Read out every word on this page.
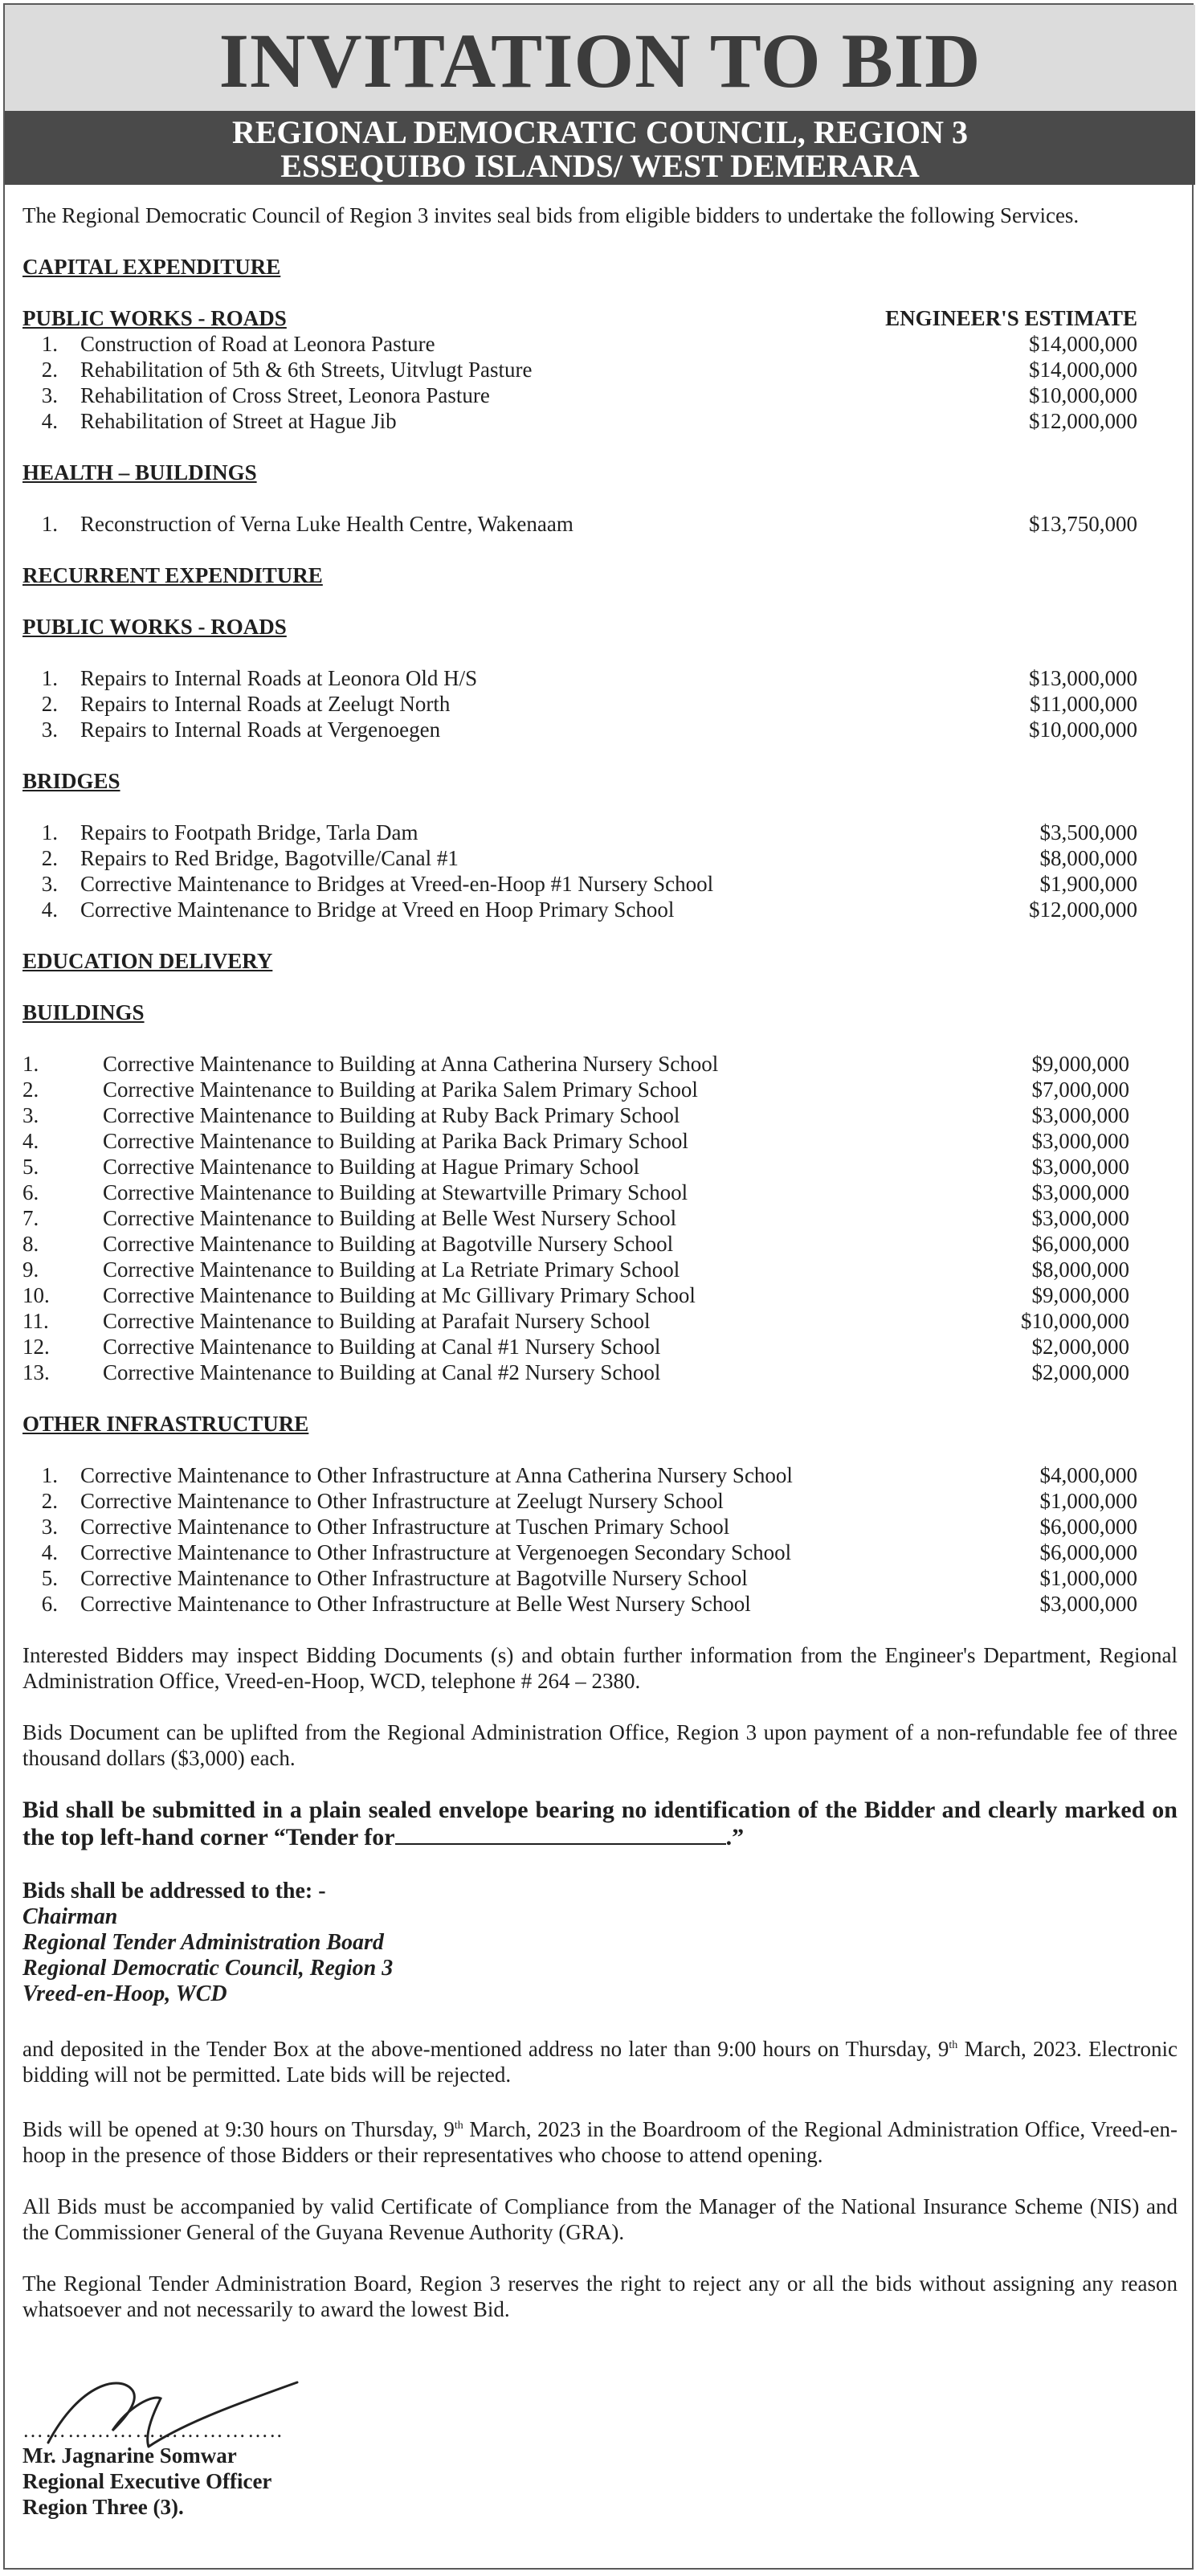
INVITATION TO BID
REGIONAL DEMOCRATIC COUNCIL, REGION 3
ESSEQUIBO ISLANDS/ WEST DEMERARA

The Regional Democratic Council of Region 3 invites seal bids from eligible bidders to undertake the following Services.

CAPITAL EXPENDITURE
PUBLIC WORKS - ROADS	ENGINEER'S ESTIMATE
1.	Construction of Road at Leonora Pasture	$14,000,000
2.	Rehabilitation of 5th & 6th Streets, Uitvlugt Pasture	$14,000,000
3.	Rehabilitation of Cross Street, Leonora Pasture	$10,000,000
4.	Rehabilitation of Street at Hague Jib	$12,000,000
HEALTH – BUILDINGS
1.	Reconstruction of Verna Luke Health Centre, Wakenaam	$13,750,000
RECURRENT EXPENDITURE
PUBLIC WORKS - ROADS
1.	Repairs to Internal Roads at Leonora Old H/S	$13,000,000
2.	Repairs to Internal Roads at Zeelugt North	$11,000,000
3.	Repairs to Internal Roads at Vergenoegen	$10,000,000
BRIDGES
1.	Repairs to Footpath Bridge, Tarla Dam	$3,500,000
2.	Repairs to Red Bridge, Bagotville/Canal #1	$8,000,000
3.	Corrective Maintenance to Bridges at Vreed-en-Hoop #1 Nursery School	$1,900,000
4.	Corrective Maintenance to Bridge at Vreed en Hoop Primary School	$12,000,000
EDUCATION DELIVERY
BUILDINGS
1.	Corrective Maintenance to Building at Anna Catherina Nursery School	$9,000,000
2.	Corrective Maintenance to Building at Parika Salem Primary School	$7,000,000
3.	Corrective Maintenance to Building at Ruby Back Primary School	$3,000,000
4.	Corrective Maintenance to Building at Parika Back Primary School	$3,000,000
5.	Corrective Maintenance to Building at Hague Primary School	$3,000,000
6.	Corrective Maintenance to Building at Stewartville Primary School	$3,000,000
7.	Corrective Maintenance to Building at Belle West Nursery School	$3,000,000
8.	Corrective Maintenance to Building at Bagotville Nursery School	$6,000,000
9.	Corrective Maintenance to Building at La Retriate Primary School	$8,000,000
10.	Corrective Maintenance to Building at Mc Gillivary Primary School	$9,000,000
11.	Corrective Maintenance to Building at Parafait Nursery School	$10,000,000
12.	Corrective Maintenance to Building at Canal #1 Nursery School	$2,000,000
13.	Corrective Maintenance to Building at Canal #2 Nursery School	$2,000,000
OTHER INFRASTRUCTURE
1.	Corrective Maintenance to Other Infrastructure at Anna Catherina Nursery School	$4,000,000
2.	Corrective Maintenance to Other Infrastructure at Zeelugt Nursery School	$1,000,000
3.	Corrective Maintenance to Other Infrastructure at Tuschen Primary School	$6,000,000
4.	Corrective Maintenance to Other Infrastructure at Vergenoegen Secondary School	$6,000,000
5.	Corrective Maintenance to Other Infrastructure at Bagotville Nursery School	$1,000,000
6.	Corrective Maintenance to Other Infrastructure at Belle West Nursery School	$3,000,000

Interested Bidders may inspect Bidding Documents (s) and obtain further information from the Engineer's Department, Regional Administration Office, Vreed-en-Hoop, WCD, telephone # 264 – 2380.

Bids Document can be uplifted from the Regional Administration Office, Region 3 upon payment of a non-refundable fee of three thousand dollars ($3,000) each.

Bid shall be submitted in a plain sealed envelope bearing no identification of the Bidder and clearly marked on the top left-hand corner “Tender for	.”
Bids shall be addressed to the: -
Chairman
Regional Tender Administration Board
Regional Democratic Council, Region 3
Vreed-en-Hoop, WCD

and deposited in the Tender Box at the above-mentioned address no later than 9:00 hours on Thursday, 9th March, 2023. Electronic bidding will not be permitted. Late bids will be rejected.

Bids will be opened at 9:30 hours on Thursday, 9th March, 2023 in the Boardroom of the Regional Administration Office, Vreed-en-hoop in the presence of those Bidders or their representatives who choose to attend opening.

All Bids must be accompanied by valid Certificate of Compliance from the Manager of the National Insurance Scheme (NIS) and the Commissioner General of the Guyana Revenue Authority (GRA).

The Regional Tender Administration Board, Region 3 reserves the right to reject any or all the bids without assigning any reason whatsoever and not necessarily to award the lowest Bid.

……………………………..
Mr. Jagnarine Somwar
Regional Executive Officer
Region Three (3).
